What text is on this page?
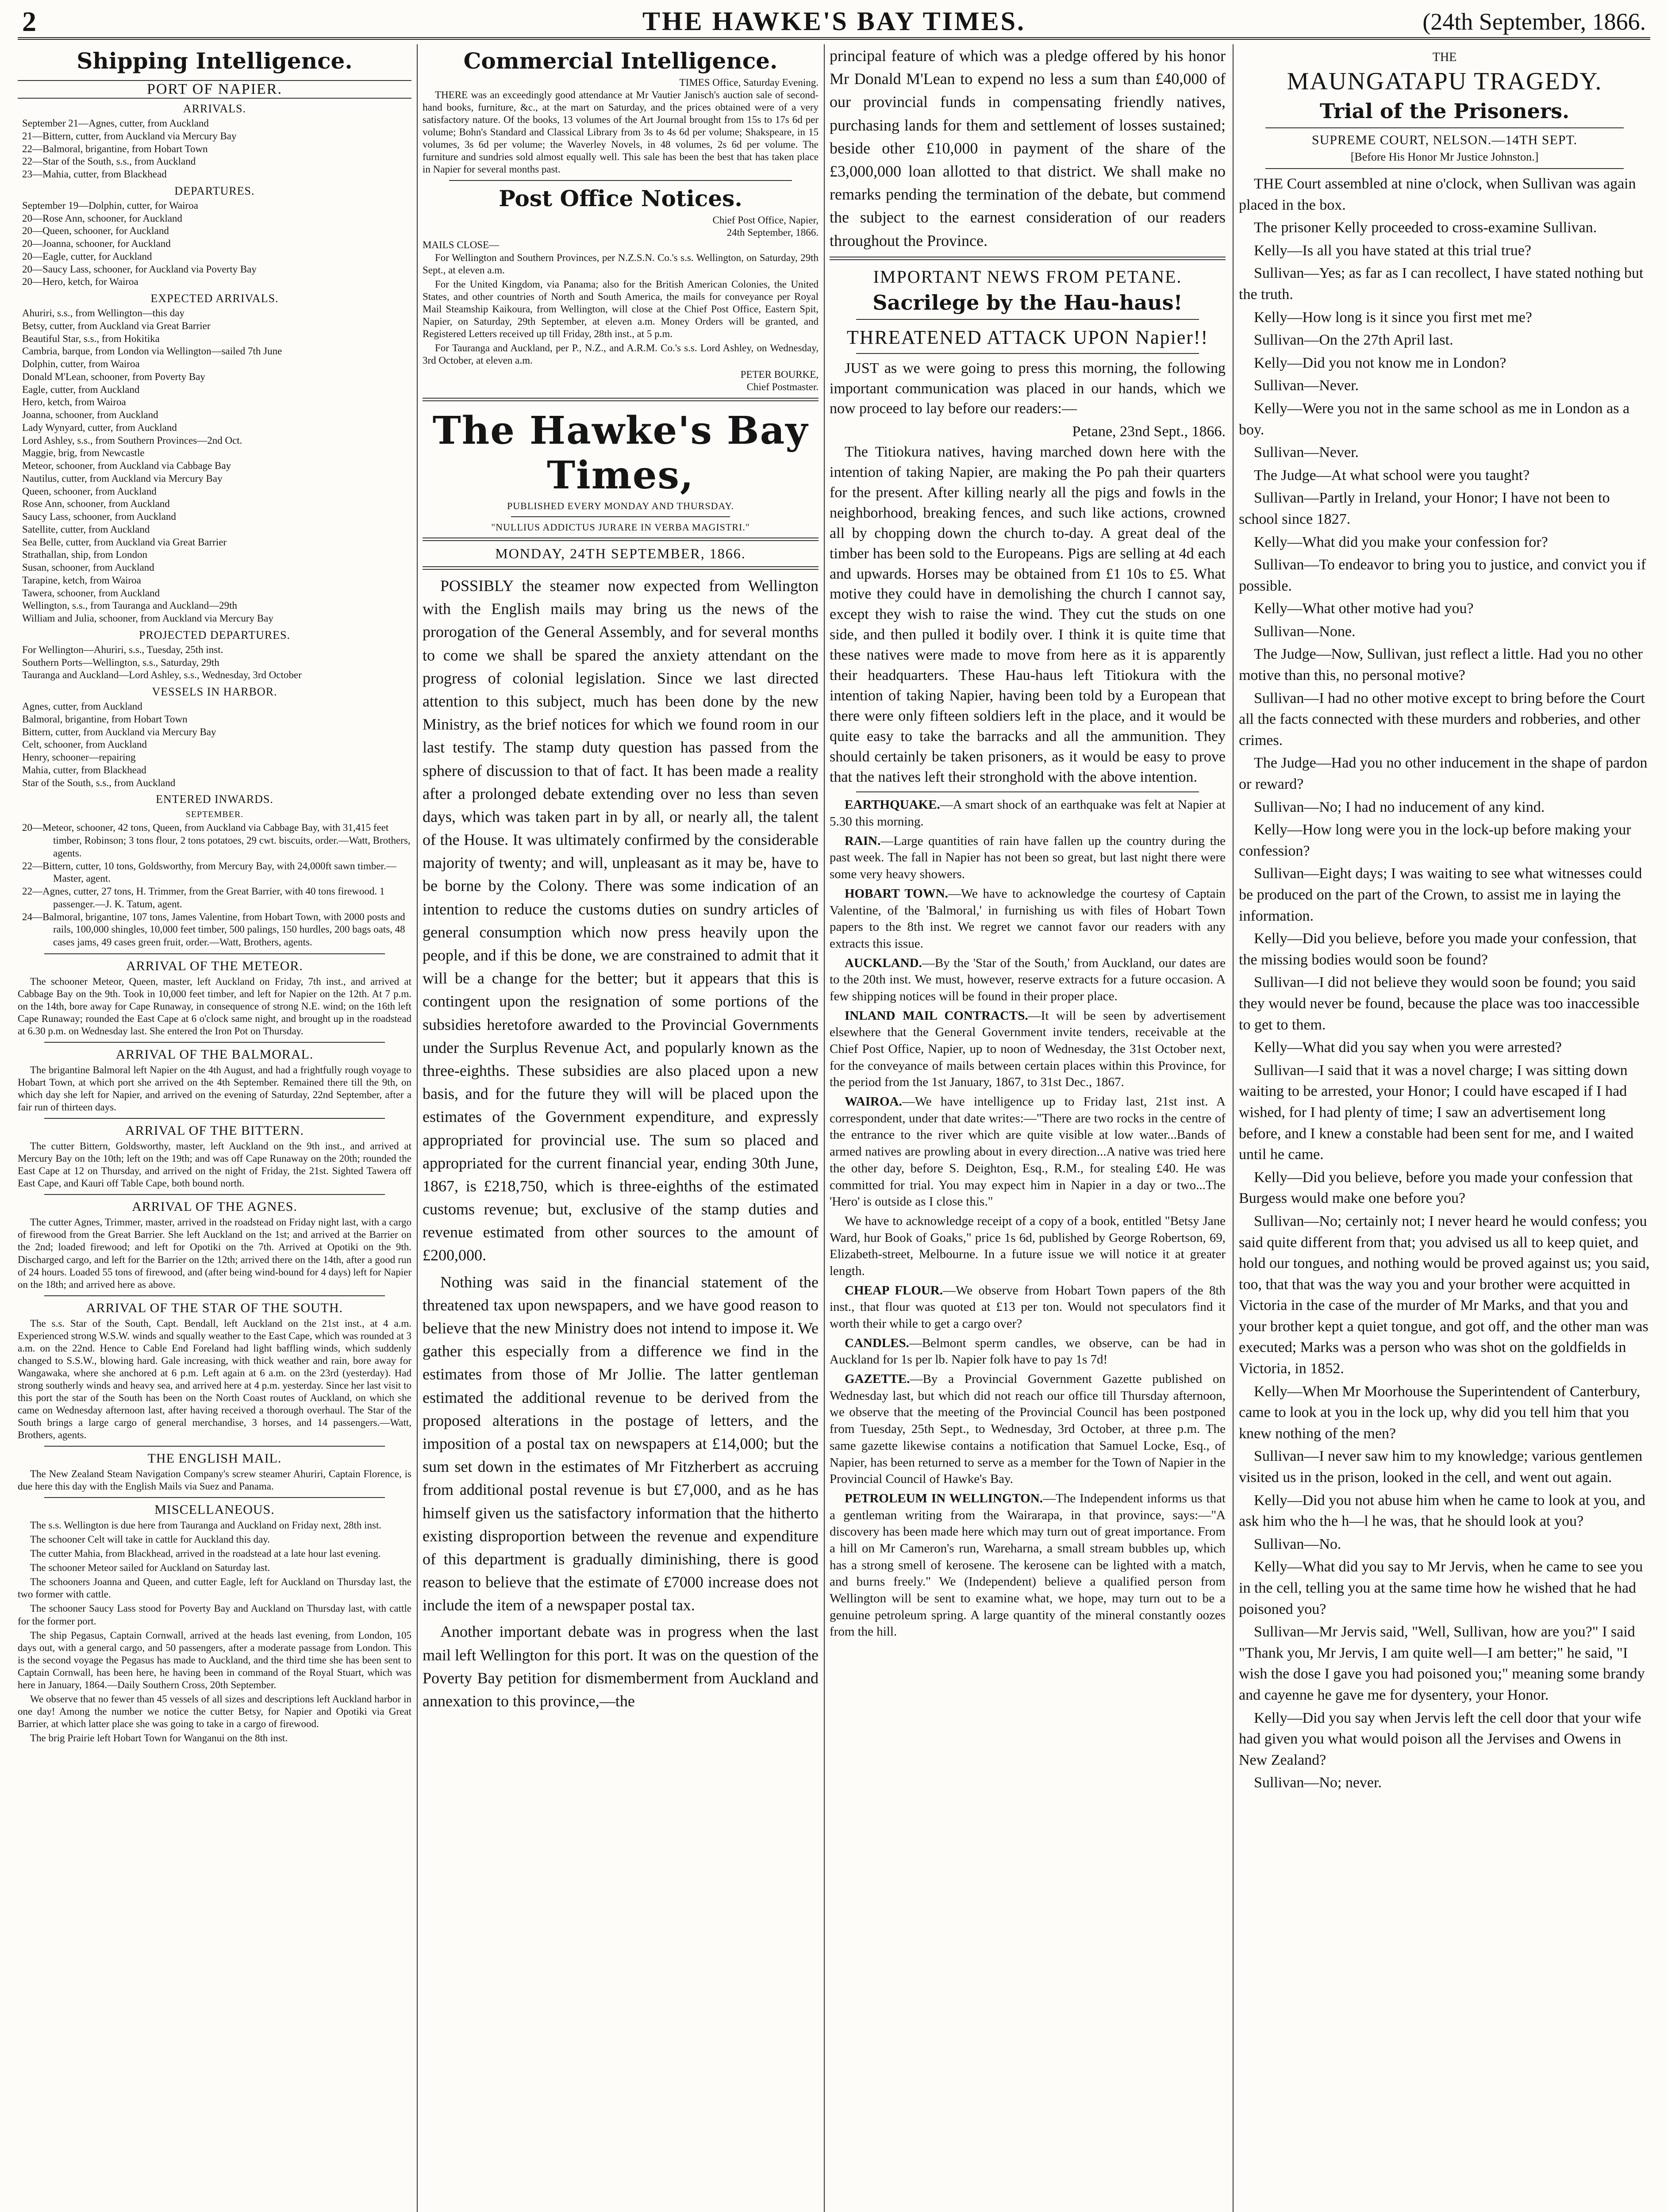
2	THE HAWKE'S BAY TIMES.	(24th September, 1866.
Shipping Intelligence.
PORT OF NAPIER.
ARRIVALS.
September 21—Agnes, cutter, from Auckland
21—Bittern, cutter, from Auckland via Mercury Bay
22—Balmoral, brigantine, from Hobart Town
22—Star of the South, s.s., from Auckland
23—Mahia, cutter, from Blackhead
DEPARTURES.
September 19—Dolphin, cutter, for Wairoa
20—Rose Ann, schooner, for Auckland
20—Queen, schooner, for Auckland
20—Joanna, schooner, for Auckland
20—Eagle, cutter, for Auckland
20—Saucy Lass, schooner, for Auckland via Poverty Bay
20—Hero, ketch, for Wairoa
EXPECTED ARRIVALS.
Ahuriri, s.s., from Wellington—this day
Betsy, cutter, from Auckland via Great Barrier
Beautiful Star, s.s., from Hokitika
Cambria, barque, from London via Wellington—sailed 7th June
Dolphin, cutter, from Wairoa
Donald M'Lean, schooner, from Poverty Bay
Eagle, cutter, from Auckland
Hero, ketch, from Wairoa
Joanna, schooner, from Auckland
Lady Wynyard, cutter, from Auckland
Lord Ashley, s.s., from Southern Provinces—2nd Oct.
Maggie, brig, from Newcastle
Meteor, schooner, from Auckland via Cabbage Bay
Nautilus, cutter, from Auckland via Mercury Bay
Queen, schooner, from Auckland
Rose Ann, schooner, from Auckland
Saucy Lass, schooner, from Auckland
Satellite, cutter, from Auckland
Sea Belle, cutter, from Auckland via Great Barrier
Strathallan, ship, from London
Susan, schooner, from Auckland
Tarapine, ketch, from Wairoa
Tawera, schooner, from Auckland
Wellington, s.s., from Tauranga and Auckland—29th
William and Julia, schooner, from Auckland via Mercury Bay
PROJECTED DEPARTURES.
For Wellington—Ahuriri, s.s., Tuesday, 25th inst.
Southern Ports—Wellington, s.s., Saturday, 29th
Tauranga and Auckland—Lord Ashley, s.s., Wednesday, 3rd October
VESSELS IN HARBOR.
Agnes, cutter, from Auckland
Balmoral, brigantine, from Hobart Town
Bittern, cutter, from Auckland via Mercury Bay
Celt, schooner, from Auckland
Henry, schooner—repairing
Mahia, cutter, from Blackhead
Star of the South, s.s., from Auckland
ENTERED INWARDS.
SEPTEMBER.
20—Meteor, schooner, 42 tons, Queen, from Auckland via Cabbage Bay, with 31,415 feet timber, Robinson; 3 tons flour, 2 tons potatoes, 29 cwt. biscuits, order.—Watt, Brothers, agents.
22—Bittern, cutter, 10 tons, Goldsworthy, from Mercury Bay, with 24,000ft sawn timber.—Master, agent.
22—Agnes, cutter, 27 tons, H. Trimmer, from the Great Barrier, with 40 tons firewood. 1 passenger.—J. K. Tatum, agent.
24—Balmoral, brigantine, 107 tons, James Valentine, from Hobart Town, with 2000 posts and rails, 100,000 shingles, 10,000 feet timber, 500 palings, 150 hurdles, 200 bags oats, 48 cases jams, 49 cases green fruit, order.—Watt, Brothers, agents.
ARRIVAL OF THE METEOR.

The schooner Meteor, Queen, master, left Auckland on Friday, 7th inst., and arrived at Cabbage Bay on the 9th. Took in 10,000 feet timber, and left for Napier on the 12th. At 7 p.m. on the 14th, bore away for Cape Runaway, in consequence of strong N.E. wind; on the 16th left Cape Runaway; rounded the East Cape at 6 o'clock same night, and brought up in the roadstead at 6.30 p.m. on Wednesday last. She entered the Iron Pot on Thursday.

ARRIVAL OF THE BALMORAL.

The brigantine Balmoral left Napier on the 4th August, and had a frightfully rough voyage to Hobart Town, at which port she arrived on the 4th September. Remained there till the 9th, on which day she left for Napier, and arrived on the evening of Saturday, 22nd September, after a fair run of thirteen days.

ARRIVAL OF THE BITTERN.

The cutter Bittern, Goldsworthy, master, left Auckland on the 9th inst., and arrived at Mercury Bay on the 10th; left on the 19th; and was off Cape Runaway on the 20th; rounded the East Cape at 12 on Thursday, and arrived on the night of Friday, the 21st. Sighted Tawera off East Cape, and Kauri off Table Cape, both bound north.

ARRIVAL OF THE AGNES.

The cutter Agnes, Trimmer, master, arrived in the roadstead on Friday night last, with a cargo of firewood from the Great Barrier. She left Auckland on the 1st; and arrived at the Barrier on the 2nd; loaded firewood; and left for Opotiki on the 7th. Arrived at Opotiki on the 9th. Discharged cargo, and left for the Barrier on the 12th; arrived there on the 14th, after a good run of 24 hours. Loaded 55 tons of firewood, and (after being wind-bound for 4 days) left for Napier on the 18th; and arrived here as above.

ARRIVAL OF THE STAR OF THE SOUTH.

The s.s. Star of the South, Capt. Bendall, left Auckland on the 21st inst., at 4 a.m. Experienced strong W.S.W. winds and squally weather to the East Cape, which was rounded at 3 a.m. on the 22nd. Hence to Cable End Foreland had light baffling winds, which suddenly changed to S.S.W., blowing hard. Gale increasing, with thick weather and rain, bore away for Wangawaka, where she anchored at 6 p.m. Left again at 6 a.m. on the 23rd (yesterday). Had strong southerly winds and heavy sea, and arrived here at 4 p.m. yesterday. Since her last visit to this port the star of the South has been on the North Coast routes of Auckland, on which she came on Wednesday afternoon last, after having received a thorough overhaul. The Star of the South brings a large cargo of general merchandise, 3 horses, and 14 passengers.—Watt, Brothers, agents.

THE ENGLISH MAIL.

The New Zealand Steam Navigation Company's screw steamer Ahuriri, Captain Florence, is due here this day with the English Mails via Suez and Panama.

MISCELLANEOUS.

The s.s. Wellington is due here from Tauranga and Auckland on Friday next, 28th inst.

The schooner Celt will take in cattle for Auckland this day.

The cutter Mahia, from Blackhead, arrived in the roadstead at a late hour last evening.

The schooner Meteor sailed for Auckland on Saturday last.

The schooners Joanna and Queen, and cutter Eagle, left for Auckland on Thursday last, the two former with cattle.

The schooner Saucy Lass stood for Poverty Bay and Auckland on Thursday last, with cattle for the former port.

The ship Pegasus, Captain Cornwall, arrived at the heads last evening, from London, 105 days out, with a general cargo, and 50 passengers, after a moderate passage from London. This is the second voyage the Pegasus has made to Auckland, and the third time she has been sent to Captain Cornwall, has been here, he having been in command of the Royal Stuart, which was here in January, 1864.—Daily Southern Cross, 20th September.

We observe that no fewer than 45 vessels of all sizes and descriptions left Auckland harbor in one day! Among the number we notice the cutter Betsy, for Napier and Opotiki via Great Barrier, at which latter place she was going to take in a cargo of firewood.

The brig Prairie left Hobart Town for Wanganui on the 8th inst.

Commercial Intelligence.
TIMES Office, Saturday Evening.

THERE was an exceedingly good attendance at Mr Vautier Janisch's auction sale of second-hand books, furniture, &c., at the mart on Saturday, and the prices obtained were of a very satisfactory nature. Of the books, 13 volumes of the Art Journal brought from 15s to 17s 6d per volume; Bohn's Standard and Classical Library from 3s to 4s 6d per volume; Shakspeare, in 15 volumes, 3s 6d per volume; the Waverley Novels, in 48 volumes, 2s 6d per volume. The furniture and sundries sold almost equally well. This sale has been the best that has taken place in Napier for several months past.

Post Office Notices.
Chief Post Office, Napier,
24th September, 1866.
MAILS CLOSE—

For Wellington and Southern Provinces, per N.Z.S.N. Co.'s s.s. Wellington, on Saturday, 29th Sept., at eleven a.m.

For the United Kingdom, via Panama; also for the British American Colonies, the United States, and other countries of North and South America, the mails for conveyance per Royal Mail Steamship Kaikoura, from Wellington, will close at the Chief Post Office, Eastern Spit, Napier, on Saturday, 29th September, at eleven a.m. Money Orders will be granted, and Registered Letters received up till Friday, 28th inst., at 5 p.m.

For Tauranga and Auckland, per P., N.Z., and A.R.M. Co.'s s.s. Lord Ashley, on Wednesday, 3rd October, at eleven a.m.

PETER BOURKE,
Chief Postmaster.
The Hawke's Bay Times,
PUBLISHED EVERY MONDAY AND THURSDAY.
"NULLIUS ADDICTUS JURARE IN VERBA MAGISTRI."
MONDAY, 24TH SEPTEMBER, 1866.

POSSIBLY the steamer now expected from Wellington with the English mails may bring us the news of the prorogation of the General Assembly, and for several months to come we shall be spared the anxiety attendant on the progress of colonial legislation. Since we last directed attention to this subject, much has been done by the new Ministry, as the brief notices for which we found room in our last testify. The stamp duty question has passed from the sphere of discussion to that of fact. It has been made a reality after a prolonged debate extending over no less than seven days, which was taken part in by all, or nearly all, the talent of the House. It was ultimately confirmed by the considerable majority of twenty; and will, unpleasant as it may be, have to be borne by the Colony. There was some indication of an intention to reduce the customs duties on sundry articles of general consumption which now press heavily upon the people, and if this be done, we are constrained to admit that it will be a change for the better; but it appears that this is contingent upon the resignation of some portions of the subsidies heretofore awarded to the Provincial Governments under the Surplus Revenue Act, and popularly known as the three-eighths. These subsidies are also placed upon a new basis, and for the future they will will be placed upon the estimates of the Government expenditure, and expressly appropriated for provincial use. The sum so placed and appropriated for the current financial year, ending 30th June, 1867, is £218,750, which is three-eighths of the estimated customs revenue; but, exclusive of the stamp duties and revenue estimated from other sources to the amount of £200,000.

Nothing was said in the financial statement of the threatened tax upon newspapers, and we have good reason to believe that the new Ministry does not intend to impose it. We gather this especially from a difference we find in the estimates from those of Mr Jollie. The latter gentleman estimated the additional revenue to be derived from the proposed alterations in the postage of letters, and the imposition of a postal tax on newspapers at £14,000; but the sum set down in the estimates of Mr Fitzherbert as accruing from additional postal revenue is but £7,000, and as he has himself given us the satisfactory information that the hitherto existing disproportion between the revenue and expenditure of this department is gradually diminishing, there is good reason to believe that the estimate of £7000 increase does not include the item of a newspaper postal tax.

Another important debate was in progress when the last mail left Wellington for this port. It was on the question of the Poverty Bay petition for dismemberment from Auckland and annexation to this province,—the

principal feature of which was a pledge offered by his honor Mr Donald M'Lean to expend no less a sum than £40,000 of our provincial funds in compensating friendly natives, purchasing lands for them and settlement of losses sustained; beside other £10,000 in payment of the share of the £3,000,000 loan allotted to that district. We shall make no remarks pending the termination of the debate, but commend the subject to the earnest consideration of our readers throughout the Province.

IMPORTANT NEWS FROM PETANE.
Sacrilege by the Hau-haus!
THREATENED ATTACK UPON Napier!!

JUST as we were going to press this morning, the following important communication was placed in our hands, which we now proceed to lay before our readers:—

Petane, 23nd Sept., 1866.

The Titiokura natives, having marched down here with the intention of taking Napier, are making the Po pah their quarters for the present. After killing nearly all the pigs and fowls in the neighborhood, breaking fences, and such like actions, crowned all by chopping down the church to-day. A great deal of the timber has been sold to the Europeans. Pigs are selling at 4d each and upwards. Horses may be obtained from £1 10s to £5. What motive they could have in demolishing the church I cannot say, except they wish to raise the wind. They cut the studs on one side, and then pulled it bodily over. I think it is quite time that these natives were made to move from here as it is apparently their headquarters. These Hau-haus left Titiokura with the intention of taking Napier, having been told by a European that there were only fifteen soldiers left in the place, and it would be quite easy to take the barracks and all the ammunition. They should certainly be taken prisoners, as it would be easy to prove that the natives left their stronghold with the above intention.

EARTHQUAKE.—A smart shock of an earthquake was felt at Napier at 5.30 this morning.

RAIN.—Large quantities of rain have fallen up the country during the past week. The fall in Napier has not been so great, but last night there were some very heavy showers.

HOBART TOWN.—We have to acknowledge the courtesy of Captain Valentine, of the 'Balmoral,' in furnishing us with files of Hobart Town papers to the 8th inst. We regret we cannot favor our readers with any extracts this issue.

AUCKLAND.—By the 'Star of the South,' from Auckland, our dates are to the 20th inst. We must, however, reserve extracts for a future occasion. A few shipping notices will be found in their proper place.

INLAND MAIL CONTRACTS.—It will be seen by advertisement elsewhere that the General Government invite tenders, receivable at the Chief Post Office, Napier, up to noon of Wednesday, the 31st October next, for the conveyance of mails between certain places within this Province, for the period from the 1st January, 1867, to 31st Dec., 1867.

WAIROA.—We have intelligence up to Friday last, 21st inst. A correspondent, under that date writes:—"There are two rocks in the centre of the entrance to the river which are quite visible at low water...Bands of armed natives are prowling about in every direction...A native was tried here the other day, before S. Deighton, Esq., R.M., for stealing £40. He was committed for trial. You may expect him in Napier in a day or two...The 'Hero' is outside as I close this."

We have to acknowledge receipt of a copy of a book, entitled "Betsy Jane Ward, hur Book of Goaks," price 1s 6d, published by George Robertson, 69, Elizabeth-street, Melbourne. In a future issue we will notice it at greater length.

CHEAP FLOUR.—We observe from Hobart Town papers of the 8th inst., that flour was quoted at £13 per ton. Would not speculators find it worth their while to get a cargo over?

CANDLES.—Belmont sperm candles, we observe, can be had in Auckland for 1s per lb. Napier folk have to pay 1s 7d!

GAZETTE.—By a Provincial Government Gazette published on Wednesday last, but which did not reach our office till Thursday afternoon, we observe that the meeting of the Provincial Council has been postponed from Tuesday, 25th Sept., to Wednesday, 3rd October, at three p.m. The same gazette likewise contains a notification that Samuel Locke, Esq., of Napier, has been returned to serve as a member for the Town of Napier in the Provincial Council of Hawke's Bay.

PETROLEUM IN WELLINGTON.—The Independent informs us that a gentleman writing from the Wairarapa, in that province, says:—"A discovery has been made here which may turn out of great importance. From a hill on Mr Cameron's run, Wareharna, a small stream bubbles up, which has a strong smell of kerosene. The kerosene can be lighted with a match, and burns freely." We (Independent) believe a qualified person from Wellington will be sent to examine what, we hope, may turn out to be a genuine petroleum spring. A large quantity of the mineral constantly oozes from the hill.

THE
MAUNGATAPU TRAGEDY.
Trial of the Prisoners.
SUPREME COURT, NELSON.—14TH SEPT.
[Before His Honor Mr Justice Johnston.]

THE Court assembled at nine o'clock, when Sullivan was again placed in the box.

The prisoner Kelly proceeded to cross-examine Sullivan.

Kelly—Is all you have stated at this trial true?

Sullivan—Yes; as far as I can recollect, I have stated nothing but the truth.

Kelly—How long is it since you first met me?

Sullivan—On the 27th April last.

Kelly—Did you not know me in London?

Sullivan—Never.

Kelly—Were you not in the same school as me in London as a boy.

Sullivan—Never.

The Judge—At what school were you taught?

Sullivan—Partly in Ireland, your Honor; I have not been to school since 1827.

Kelly—What did you make your confession for?

Sullivan—To endeavor to bring you to justice, and convict you if possible.

Kelly—What other motive had you?

Sullivan—None.

The Judge—Now, Sullivan, just reflect a little. Had you no other motive than this, no personal motive?

Sullivan—I had no other motive except to bring before the Court all the facts connected with these murders and robberies, and other crimes.

The Judge—Had you no other inducement in the shape of pardon or reward?

Sullivan—No; I had no inducement of any kind.

Kelly—How long were you in the lock-up before making your confession?

Sullivan—Eight days; I was waiting to see what witnesses could be produced on the part of the Crown, to assist me in laying the information.

Kelly—Did you believe, before you made your confession, that the missing bodies would soon be found?

Sullivan—I did not believe they would soon be found; you said they would never be found, because the place was too inaccessible to get to them.

Kelly—What did you say when you were arrested?

Sullivan—I said that it was a novel charge; I was sitting down waiting to be arrested, your Honor; I could have escaped if I had wished, for I had plenty of time; I saw an advertisement long before, and I knew a constable had been sent for me, and I waited until he came.

Kelly—Did you believe, before you made your confession that Burgess would make one before you?

Sullivan—No; certainly not; I never heard he would confess; you said quite different from that; you advised us all to keep quiet, and hold our tongues, and nothing would be proved against us; you said, too, that that was the way you and your brother were acquitted in Victoria in the case of the murder of Mr Marks, and that you and your brother kept a quiet tongue, and got off, and the other man was executed; Marks was a person who was shot on the goldfields in Victoria, in 1852.

Kelly—When Mr Moorhouse the Superintendent of Canterbury, came to look at you in the lock up, why did you tell him that you knew nothing of the men?

Sullivan—I never saw him to my knowledge; various gentlemen visited us in the prison, looked in the cell, and went out again.

Kelly—Did you not abuse him when he came to look at you, and ask him who the h—l he was, that he should look at you?

Sullivan—No.

Kelly—What did you say to Mr Jervis, when he came to see you in the cell, telling you at the same time how he wished that he had poisoned you?

Sullivan—Mr Jervis said, "Well, Sullivan, how are you?" I said "Thank you, Mr Jervis, I am quite well—I am better;" he said, "I wish the dose I gave you had poisoned you;" meaning some brandy and cayenne he gave me for dysentery, your Honor.

Kelly—Did you say when Jervis left the cell door that your wife had given you what would poison all the Jervises and Owens in New Zealand?

Sullivan—No; never.
